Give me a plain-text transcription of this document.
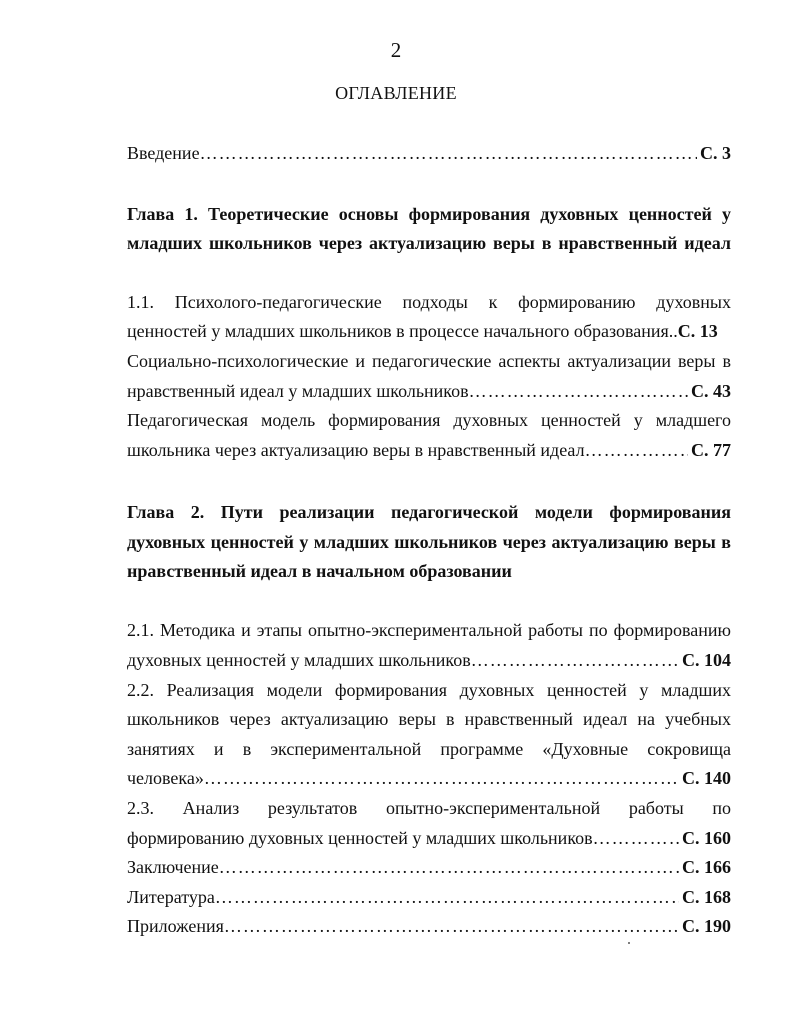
2
ОГЛАВЛЕНИЕ
Введение ……………………………………………………………………………………………………………………………………	С. 3
Глава 1. Теоретические основы формирования духовных ценностей у
младших школьников через актуализацию веры в нравственный идеал
1.1. Психолого-педагогические подходы к формированию духовных
ценностей у младших школьников в процессе начального образования.. С. 13
Социально-психологические и педагогические аспекты актуализации веры в
нравственный идеал у младших школьников ……………………………………………………………………………………………………………………………………	С. 43
Педагогическая модель формирования духовных ценностей у младшего
школьника через актуализацию веры в нравственный идеал ……………………………………………………………………………………………………………………………………	С. 77
Глава 2. Пути реализации педагогической модели формирования
духовных ценностей у младших школьников через актуализацию веры в
нравственный идеал в начальном образовании
2.1. Методика и этапы опытно-экспериментальной работы по формированию
духовных ценностей у младших школьников ……………………………………………………………………………………………………………………………………	С. 104
2.2. Реализация модели формирования духовных ценностей у младших
школьников через актуализацию веры в нравственный идеал на учебных
занятиях и в экспериментальной программе «Духовные сокровища
человека» ……………………………………………………………………………………………………………………………………	С. 140
2.3. Анализ результатов опытно-экспериментальной работы по
формированию духовных ценностей у младших школьников ……………………………………………………………………………………………………………………………………	С. 160
Заключение ……………………………………………………………………………………………………………………………………	С. 166
Литература ……………………………………………………………………………………………………………………………………	С. 168
Приложения ……………………………………………………………………………………………………………………………………	С. 190
